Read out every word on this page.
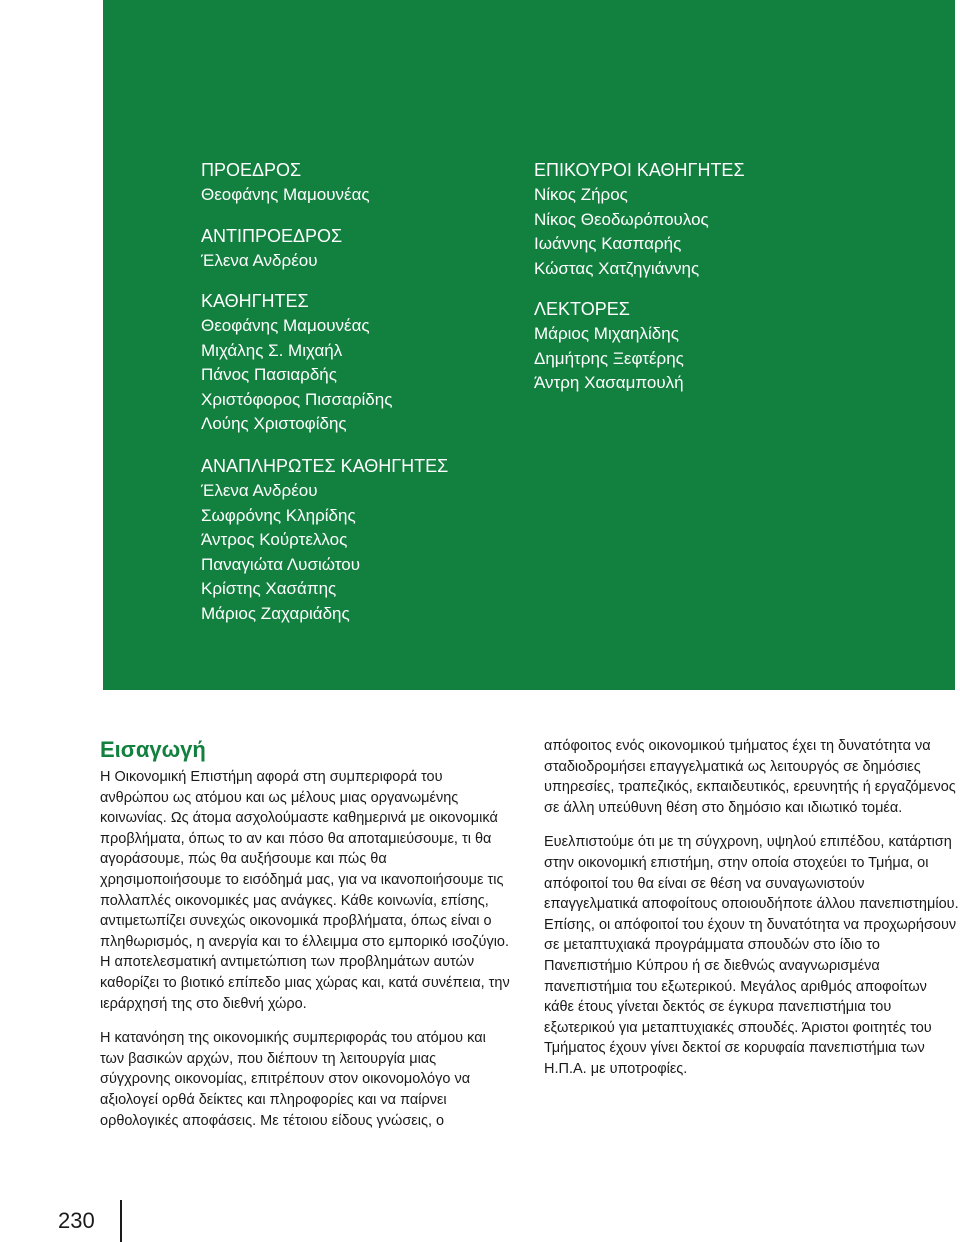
Οικονομικών
ΠΡΟΕΔΡΟΣ
Θεοφάνης Μαμουνέας
ΑΝΤΙΠΡΟΕΔΡΟΣ
Έλενα Ανδρέου
ΚΑΘΗΓΗΤΕΣ
Θεοφάνης Μαμουνέας
Μιχάλης Σ. Μιχαήλ
Πάνος Πασιαρδής
Χριστόφορος Πισσαρίδης
Λούης Χριστοφίδης
ΕΠΙΚΟΥΡΟΙ ΚΑΘΗΓΗΤΕΣ
Νίκος Ζήρος
Νίκος Θεοδωρόπουλος
Ιωάννης Κασπαρής
Κώστας Χατζηγιάννης
ΛΕΚΤΟΡΕΣ
Μάριος Μιχαηλίδης
Δημήτρης Ξεφτέρης
Άντρη Χασαμπουλή
ΑΝΑΠΛΗΡΩΤΕΣ ΚΑΘΗΓΗΤΕΣ
Έλενα Ανδρέου
Σωφρόνης Κληρίδης
Άντρος Κούρτελλος
Παναγιώτα Λυσιώτου
Κρίστης Χασάπης
Μάριος Ζαχαριάδης
Εισαγωγή

Η Οικονομική Επιστήμη αφορά στη συμπεριφορά του ανθρώπου ως ατόμου και ως μέλους μιας οργανωμένης κοινωνίας. Ως άτομα ασχολούμαστε καθημερινά με οικονομικά προβλήματα, όπως το αν και πόσο θα αποταμιεύσουμε, τι θα αγοράσουμε, πώς θα αυξήσουμε και πώς θα χρησιμοποιήσουμε το εισόδημά μας, για να ικανοποιήσουμε τις πολλαπλές οικονομικές μας ανάγκες. Κάθε κοινωνία, επίσης, αντιμετωπίζει συνεχώς οικονομικά προβλήματα, όπως είναι ο πληθωρισμός, η ανεργία και το έλλειμμα στο εμπορικό ισοζύγιο. Η αποτελεσματική αντιμετώπιση των προβλημάτων αυτών καθορίζει το βιοτικό επίπεδο μιας χώρας και, κατά συνέπεια, την ιεράρχησή της στο διεθνή χώρο.

Η κατανόηση της οικονομικής συμπεριφοράς του ατόμου και των βασικών αρχών, που διέπουν τη λειτουργία μιας σύγχρονης οικονομίας, επιτρέπουν στον οικονομολόγο να αξιολογεί ορθά δείκτες και πληροφορίες και να παίρνει ορθολογικές αποφάσεις. Με τέτοιου είδους γνώσεις, ο

απόφοιτος ενός οικονομικού τμήματος έχει τη δυνατότητα να σταδιοδρομήσει επαγγελματικά ως λειτουργός σε δημόσιες υπηρεσίες, τραπεζικός, εκπαιδευτικός, ερευνητής ή εργαζόμενος σε άλλη υπεύθυνη θέση στο δημόσιο και ιδιωτικό τομέα.

Ευελπιστούμε ότι με τη σύγχρονη, υψηλού επιπέδου, κατάρτιση στην οικονομική επιστήμη, στην οποία στοχεύει το Τμήμα, οι απόφοιτοί του θα είναι σε θέση να συναγωνιστούν επαγγελματικά αποφοίτους οποιουδήποτε άλλου πανεπιστημίου. Επίσης, οι απόφοιτοί του έχουν τη δυνατότητα να προχωρήσουν σε μεταπτυχιακά προγράμματα σπουδών στο ίδιο το Πανεπιστήμιο Κύπρου ή σε διεθνώς αναγνωρισμένα πανεπιστήμια του εξωτερικού. Μεγάλος αριθμός αποφοίτων κάθε έτους γίνεται δεκτός σε έγκυρα πανεπιστήμια του εξωτερικού για μεταπτυχιακές σπουδές. Άριστοι φοιτητές του Τμήματος έχουν γίνει δεκτοί σε κορυφαία πανεπιστήμια των Η.Π.Α. με υποτροφίες.

230
